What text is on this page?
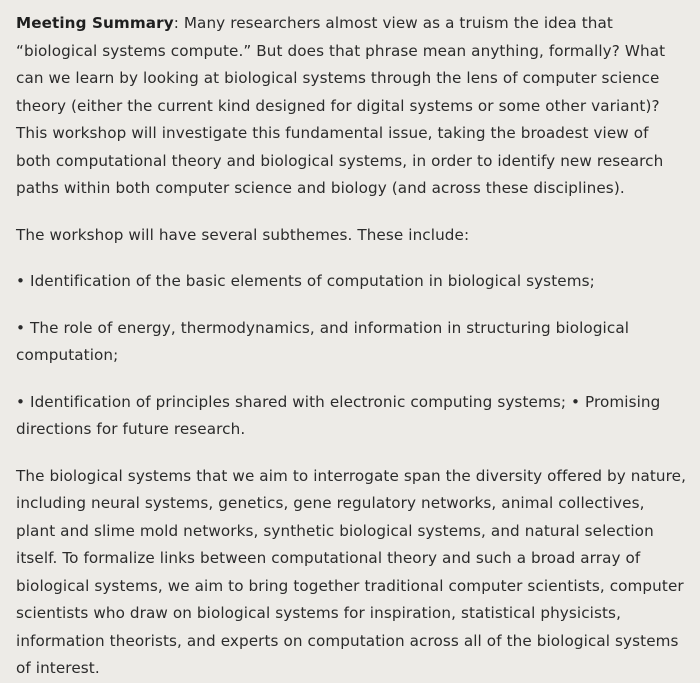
Meeting Summary: Many researchers almost view as a truism the idea that “biological systems compute.” But does that phrase mean anything, formally? What can we learn by looking at biological systems through the lens of computer science theory (either the current kind designed for digital systems or some other variant)? This workshop will investigate this fundamental issue, taking the broadest view of both computational theory and biological systems, in order to identify new research paths within both computer science and biology (and across these disciplines).

The workshop will have several subthemes. These include:

• Identification of the basic elements of computation in biological systems;

• The role of energy, thermodynamics, and information in structuring biological computation;

• Identification of principles shared with electronic computing systems; • Promising directions for future research.

The biological systems that we aim to interrogate span the diversity offered by nature, including neural systems, genetics, gene regulatory networks, animal collectives, plant and slime mold networks, synthetic biological systems, and natural selection itself. To formalize links between computational theory and such a broad array of biological systems, we aim to bring together traditional computer scientists, computer scientists who draw on biological systems for inspiration, statistical physicists, information theorists, and experts on computation across all of the biological systems of interest.
